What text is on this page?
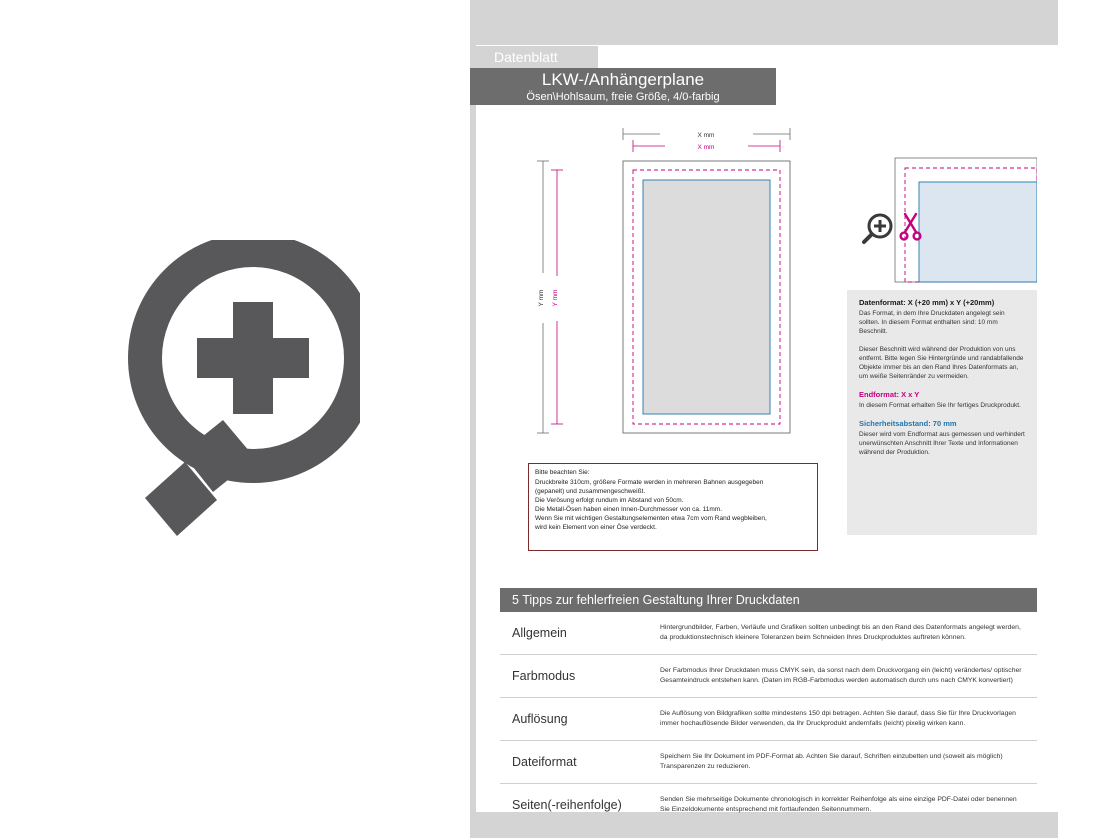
Datenblatt
LKW-/Anhängerplane
Ösen\Hohlsaum, freie Größe, 4/0-farbig
X mm
X mm
Y mm Y mm
Bitte beachten Sie:
Druckbreite 310cm, größere Formate werden in mehreren Bahnen ausgegeben
(gepanelt) und zusammengeschweißt.
Die Verösung erfolgt rundum im Abstand von 50cm.
Die Metall-Ösen haben einen Innen-Durchmesser von ca. 11mm.
Wenn Sie mit wichtigen Gestaltungselementen etwa 7cm vom Rand wegbleiben,
wird kein Element von einer Öse verdeckt.
Datenformat: X (+20 mm) x Y (+20mm)
Das Format, in dem Ihre Druckdaten angelegt sein sollten. In diesem Format enthalten sind: 10 mm Beschnitt.
Dieser Beschnitt wird während der Produktion von uns entfernt. Bitte legen Sie Hintergründe und randabfallende Objekte immer bis an den Rand Ihres Datenformats an, um weiße Seitenränder zu vermeiden.
Endformat: X x Y
In diesem Format erhalten Sie Ihr fertiges Druckprodukt.
Sicherheitsabstand: 70 mm
Dieser wird vom Endformat aus gemessen und verhindert unerwünschten Anschnitt Ihrer Texte und Informationen während der Produktion.
5 Tipps zur fehlerfreien Gestaltung Ihrer Druckdaten
Allgemein	Hintergrundbilder, Farben, Verläufe und Grafiken sollten unbedingt bis an den Rand des Datenformats angelegt werden, da produktionstechnisch kleinere Toleranzen beim Schneiden Ihres Druckproduktes auftreten können.
Farbmodus	Der Farbmodus Ihrer Druckdaten muss CMYK sein, da sonst nach dem Druckvorgang ein (leicht) verändertes/ optischer Gesamteindruck entstehen kann. (Daten im RGB-Farbmodus werden automatisch durch uns nach CMYK konvertiert)
Auflösung	Die Auflösung von Bildgrafiken sollte mindestens 150 dpi betragen. Achten Sie darauf, dass Sie für Ihre Druckvorlagen immer hochauflösende Bilder verwenden, da Ihr Druckprodukt andernfalls (leicht) pixelig wirken kann.
Dateiformat	Speichern Sie Ihr Dokument im PDF-Format ab. Achten Sie darauf, Schriften einzubetten und (soweit als möglich) Transparenzen zu reduzieren.
Seiten(-reihenfolge)	Senden Sie mehrseitige Dokumente chronologisch in korrekter Reihenfolge als eine einzige PDF-Datei oder benennen Sie Einzeldokumente entsprechend mit fortlaufenden Seitennummern.
